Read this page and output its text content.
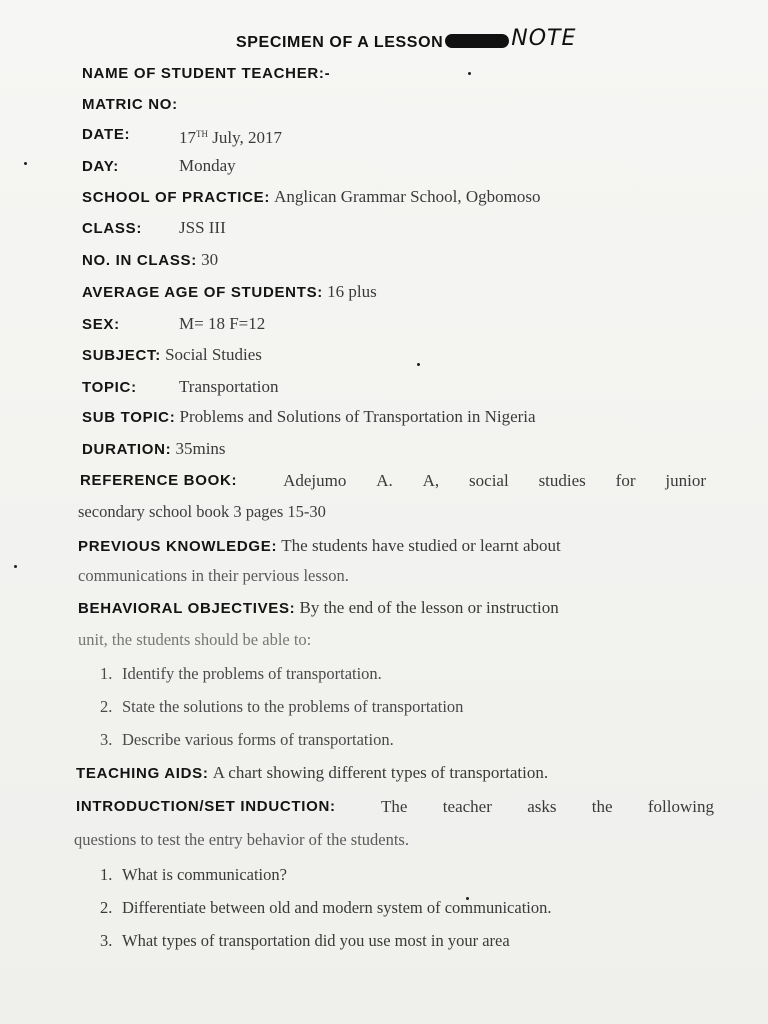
SPECIMEN OF A LESSON	NOTE
NAME OF STUDENT TEACHER:-
MATRIC NO:
DATE:	17TH July, 2017
DAY:	Monday
SCHOOL OF PRACTICE: Anglican Grammar School, Ogbomoso
CLASS: JSS III
NO. IN CLASS: 30
AVERAGE AGE OF STUDENTS: 16 plus
SEX:	M= 18 F=12
SUBJECT: Social Studies
TOPIC: Transportation
SUB TOPIC: Problems and Solutions of Transportation in Nigeria
DURATION: 35mins
REFERENCE BOOK:	Adejumo A. A, social studies for junior
secondary school book 3 pages 15-30
PREVIOUS KNOWLEDGE: The students have studied or learnt about
communications in their pervious lesson.
BEHAVIORAL OBJECTIVES: By the end of the lesson or instruction
unit, the students should be able to:
1. Identify the problems of transportation.
2. State the solutions to the problems of transportation
3. Describe various forms of transportation.
TEACHING AIDS: A chart showing different types of transportation.
INTRODUCTION/SET INDUCTION:	The teacher asks the following
questions to test the entry behavior of the students.
1. What is communication?
2. Differentiate between old and modern system of communication.
3. What types of transportation did you use most in your area
